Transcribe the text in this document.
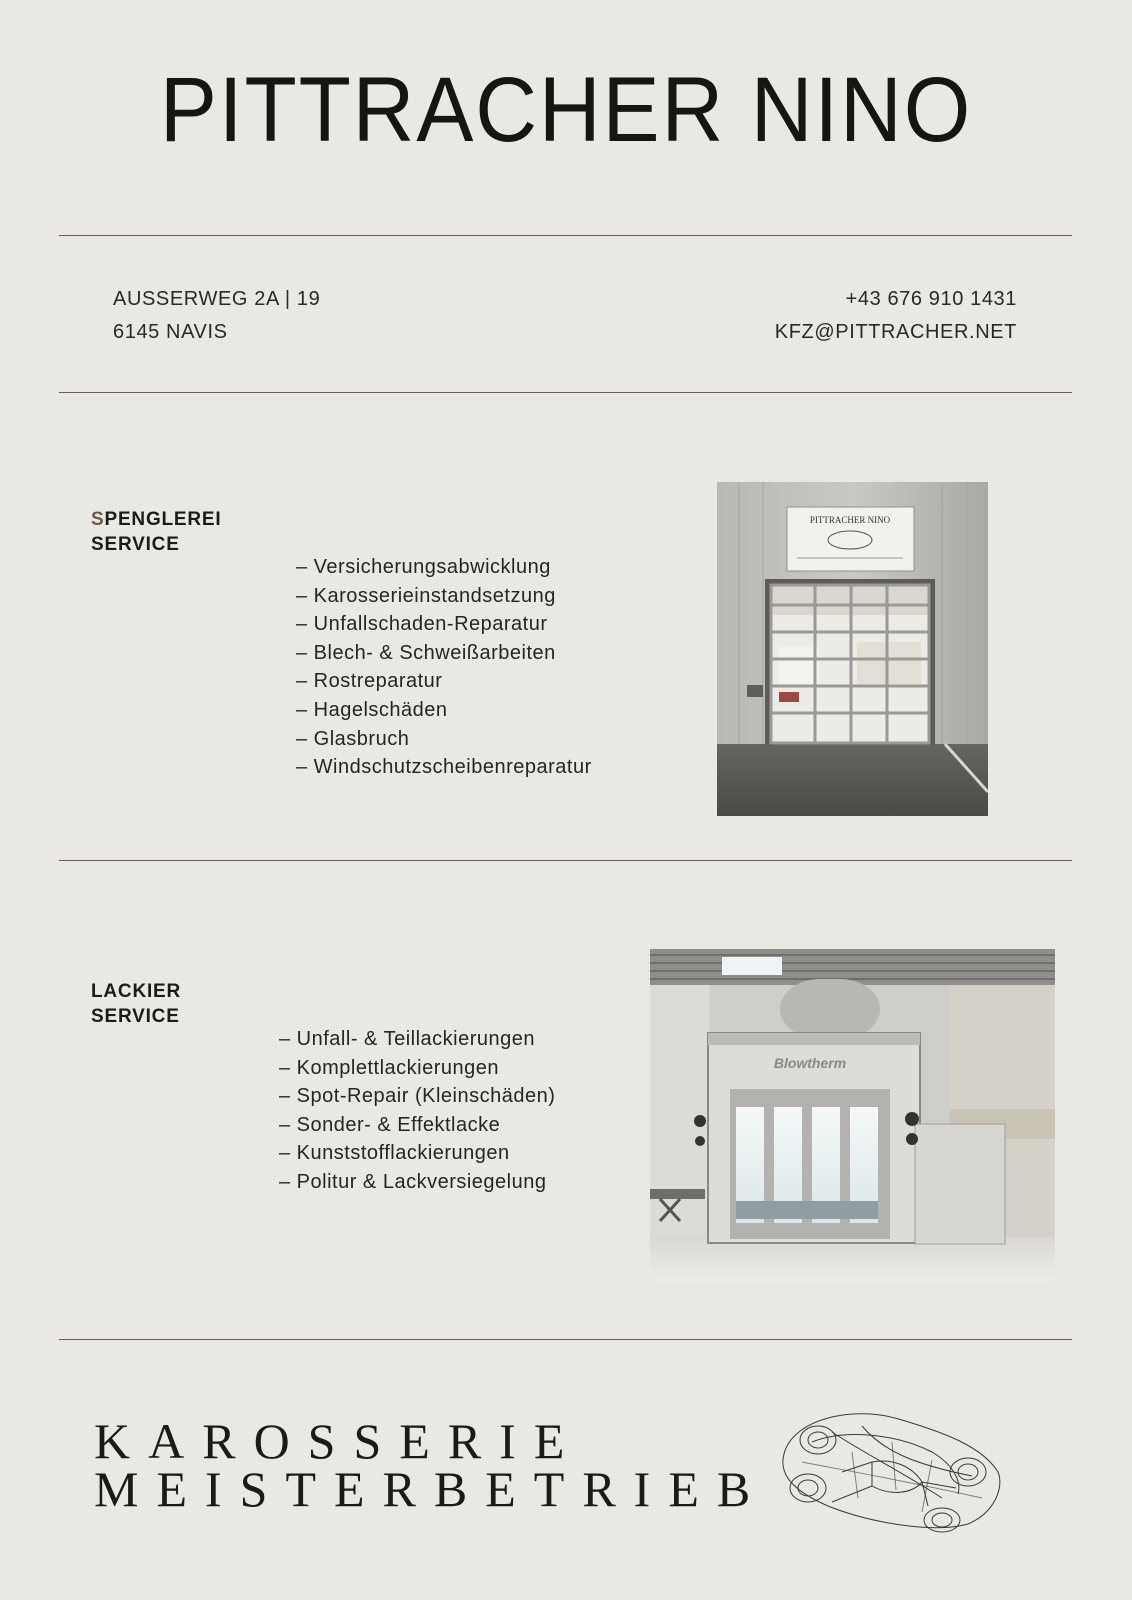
PITTRACHER NINO
AUSSERWEG 2A | 19
6145 NAVIS
+43 676 910 1431
KFZ@PITTRACHER.NET
SPENGLEREI
SERVICE
– Versicherungsabwicklung
– Karosserieinstandsetzung
– Unfallschaden-Reparatur
– Blech- & Schweißarbeiten
– Rostreparatur
– Hagelschäden
– Glasbruch
– Windschutzscheibenreparatur
PITTRACHER NINO
LACKIER
SERVICE
– Unfall- & Teillackierungen
– Komplettlackierungen
– Spot-Repair (Kleinschäden)
– Sonder- & Effektlacke
– Kunststofflackierungen
– Politur & Lackversiegelung
Blowtherm
KAROSSERIE
MEISTERBETRIEB
